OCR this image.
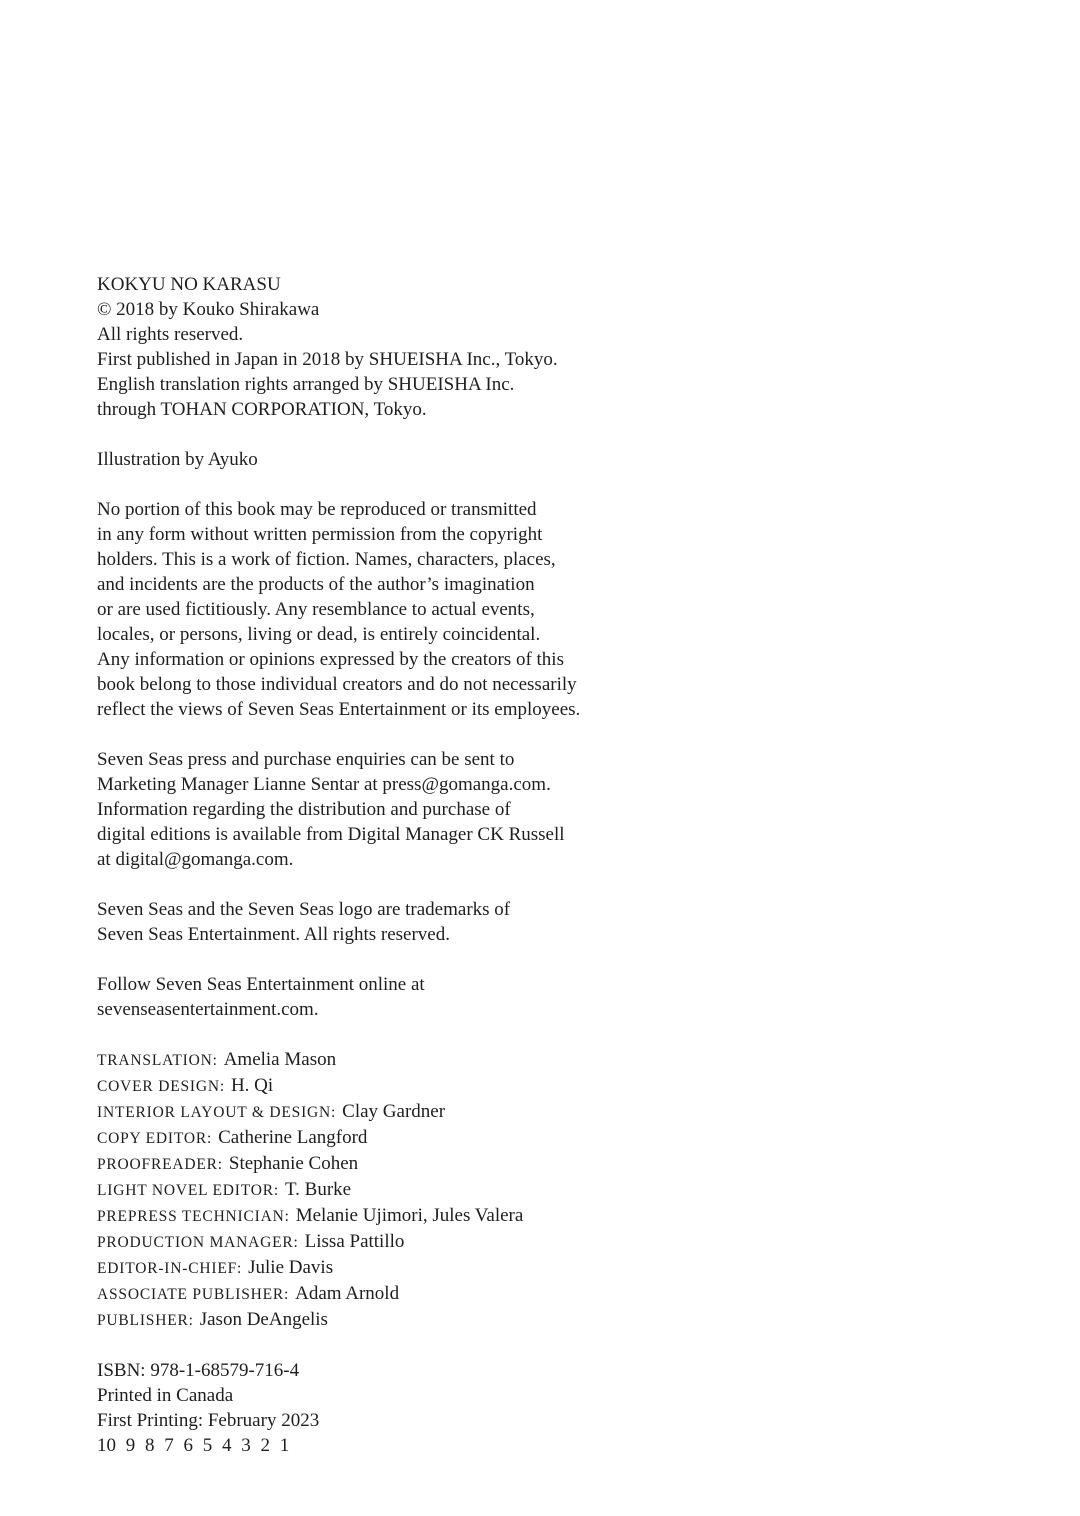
KOKYU NO KARASU
© 2018 by Kouko Shirakawa
All rights reserved.
First published in Japan in 2018 by SHUEISHA Inc., Tokyo.
English translation rights arranged by SHUEISHA Inc.
through TOHAN CORPORATION, Tokyo.
Illustration by Ayuko
No portion of this book may be reproduced or transmitted
in any form without written permission from the copyright
holders. This is a work of fiction. Names, characters, places,
and incidents are the products of the author’s imagination
or are used fictitiously. Any resemblance to actual events,
locales, or persons, living or dead, is entirely coincidental.
Any information or opinions expressed by the creators of this
book belong to those individual creators and do not necessarily
reflect the views of Seven Seas Entertainment or its employees.
Seven Seas press and purchase enquiries can be sent to
Marketing Manager Lianne Sentar at press@gomanga.com.
Information regarding the distribution and purchase of
digital editions is available from Digital Manager CK Russell
at digital@gomanga.com.
Seven Seas and the Seven Seas logo are trademarks of
Seven Seas Entertainment. All rights reserved.
Follow Seven Seas Entertainment online at
sevenseasentertainment.com.
TRANSLATION: Amelia Mason
COVER DESIGN: H. Qi
INTERIOR LAYOUT & DESIGN: Clay Gardner
COPY EDITOR: Catherine Langford
PROOFREADER: Stephanie Cohen
LIGHT NOVEL EDITOR: T. Burke
PREPRESS TECHNICIAN: Melanie Ujimori, Jules Valera
PRODUCTION MANAGER: Lissa Pattillo
EDITOR-IN-CHIEF: Julie Davis
ASSOCIATE PUBLISHER: Adam Arnold
PUBLISHER: Jason DeAngelis
ISBN: 978-1-68579-716-4
Printed in Canada
First Printing: February 2023
10 9 8 7 6 5 4 3 2 1
